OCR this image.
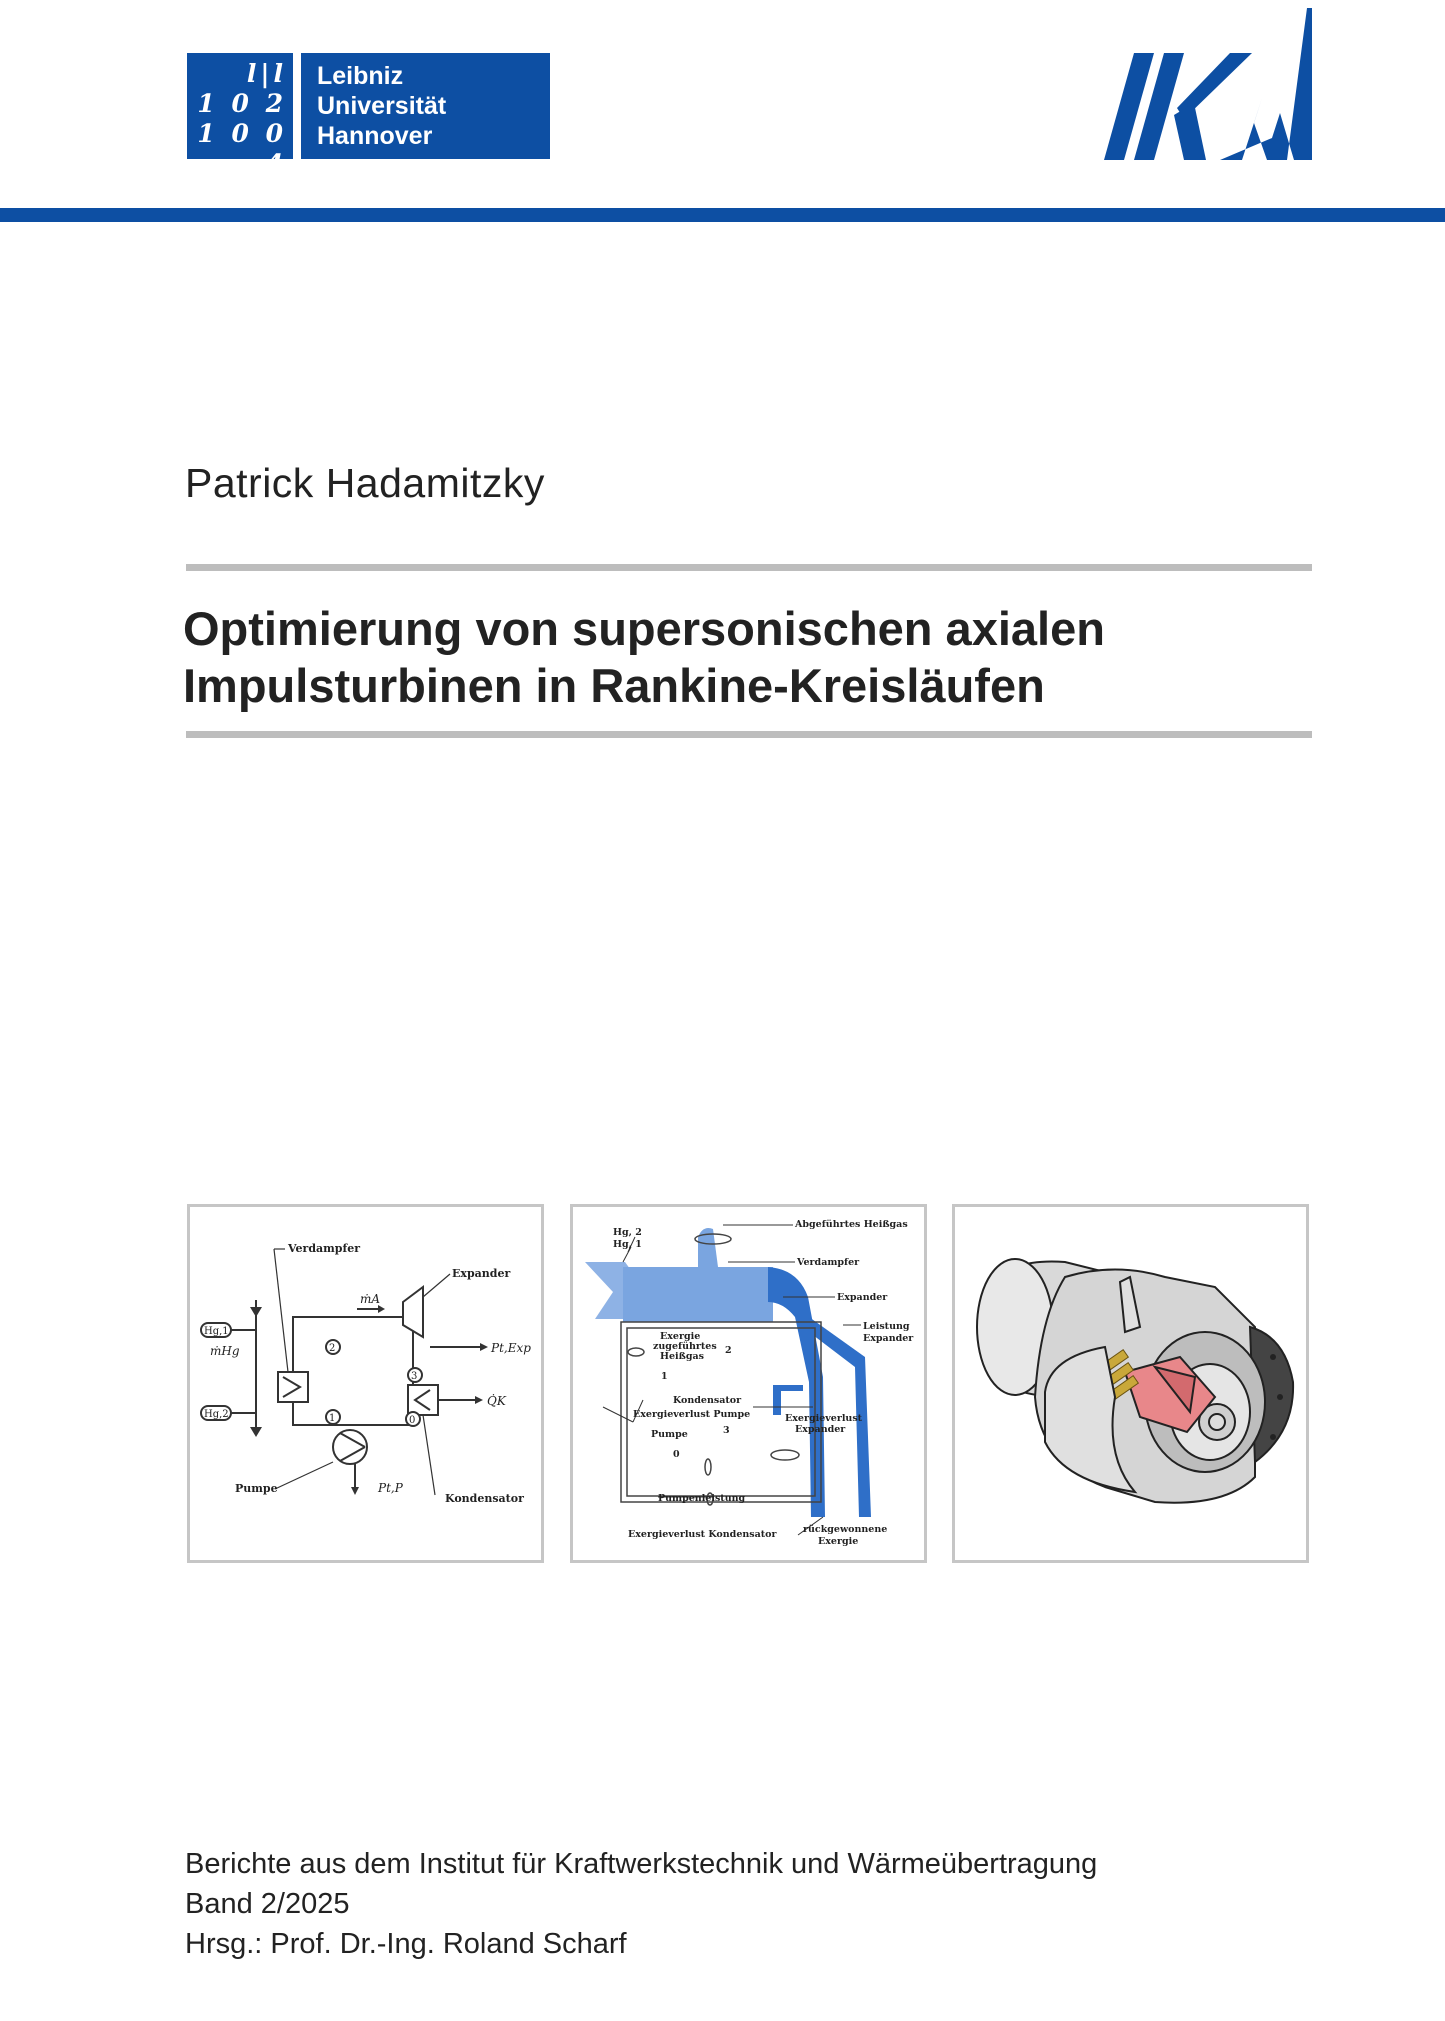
l|l
1 0 2
1 0 0 4
Leibniz
Universität
Hannover
Patrick Hadamitzky
Optimierung von supersonischen axialen
Impulsturbinen in Rankine-Kreisläufen
Verdampfer
Expander
ṁA
Hg,1
ṁHg
Hg,2
Pt,Exp
Q̇K
Pumpe	Pt,P
Kondensator
2
3
1	0
Hg, 2
Hg, 1
Abgeführtes Heißgas
Verdampfer
Expander
Exergie
zugeführtes
Heißgas
2
Leistung
Expander
1
Kondensator
Exergieverlust Pumpe	Exergieverlust
Expander
Pumpe	3
0
Pumpenleistung
Exergieverlust Kondensator	rückgewonnene
Exergie
Berichte aus dem Institut für Kraftwerkstechnik und Wärmeübertragung
Band 2/2025
Hrsg.: Prof. Dr.-Ing. Roland Scharf
